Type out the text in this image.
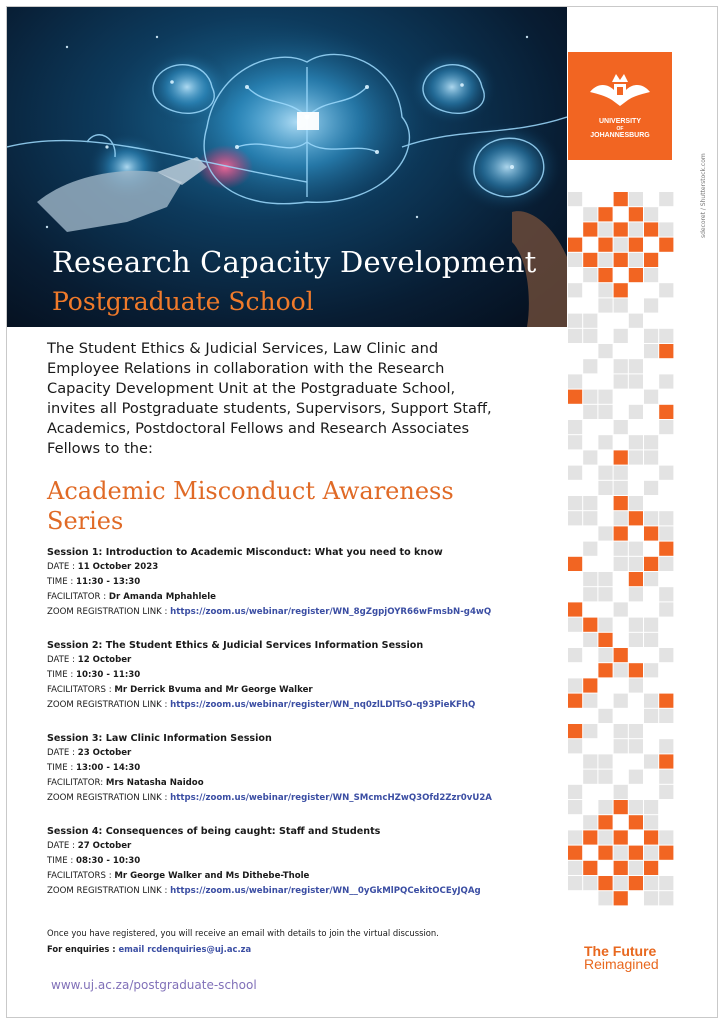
Research Capacity Development
Postgraduate School
sdecoret / Shutterstock.com
UNIVERSITY
OF
JOHANNESBURG
The Student Ethics & Judicial Services, Law Clinic and Employee Relations in collaboration with the Research Capacity Development Unit at the Postgraduate School, invites all Postgraduate students, Supervisors, Support Staff, Academics, Postdoctoral Fellows and Research Associates Fellows to the:
Academic Misconduct Awareness Series
Session 1: Introduction to Academic Misconduct: What you need to know
DATE : 11 October 2023
TIME : 11:30 - 13:30
FACILITATOR : Dr Amanda Mphahlele
ZOOM REGISTRATION LINK : https://zoom.us/webinar/register/WN_8gZgpjOYR66wFmsbN-g4wQ
Session 2: The Student Ethics & Judicial Services Information Session
DATE : 12 October
TIME : 10:30 - 11:30
FACILITATORS : Mr Derrick Bvuma and Mr George Walker
ZOOM REGISTRATION LINK : https://zoom.us/webinar/register/WN_nq0zlLDlTsO-q93PieKFhQ
Session 3: Law Clinic Information Session
DATE : 23 October
TIME : 13:00 - 14:30
FACILITATOR: Mrs Natasha Naidoo
ZOOM REGISTRATION LINK : https://zoom.us/webinar/register/WN_SMcmcHZwQ3Ofd2Zzr0vU2A
Session 4: Consequences of being caught: Staff and Students
DATE : 27 October
TIME : 08:30 - 10:30
FACILITATORS : Mr George Walker and Ms Dithebe-Thole
ZOOM REGISTRATION LINK : https://zoom.us/webinar/register/WN__0yGkMlPQCekitOCEyJQAg
Once you have registered, you will receive an email with details to join the virtual discussion.
For enquiries : email rcdenquiries@uj.ac.za
www.uj.ac.za/postgraduate-school
The Future
Reimagined
